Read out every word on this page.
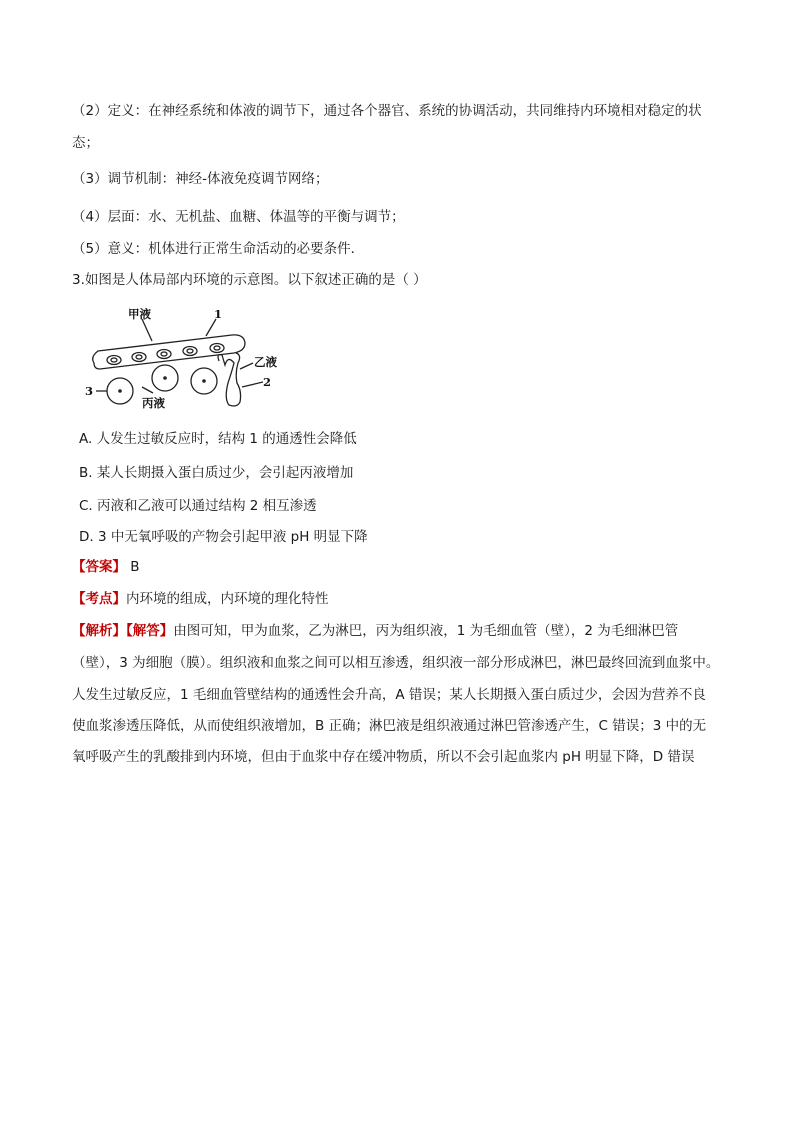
（2）定义：在神经系统和体液的调节下，通过各个器官、系统的协调活动，共同维持内环境相对稳定的状
态；
（3）调节机制：神经-体液免疫调节网络；
（4）层面：水、无机盐、血糖、体温等的平衡与调节；
（5）意义：机体进行正常生命活动的必要条件．
3.如图是人体局部内环境的示意图。以下叙述正确的是（ ）
甲液	1
乙液
2
3
丙液
A. 人发生过敏反应时，结构 1 的通透性会降低
B. 某人长期摄入蛋白质过少，会引起丙液增加
C. 丙液和乙液可以通过结构 2 相互渗透
D. 3 中无氧呼吸的产物会引起甲液 pH 明显下降
【答案】 B
【考点】内环境的组成，内环境的理化特性
【解析】【解答】由图可知，甲为血浆，乙为淋巴，丙为组织液，1 为毛细血管（壁），2 为毛细淋巴管
（壁），3 为细胞（膜）。组织液和血浆之间可以相互渗透，组织液一部分形成淋巴，淋巴最终回流到血浆中。
人发生过敏反应，1 毛细血管壁结构的通透性会升高，A 错误；某人长期摄入蛋白质过少，会因为营养不良
使血浆渗透压降低，从而使组织液增加，B 正确；淋巴液是组织液通过淋巴管渗透产生，C 错误；3 中的无
氧呼吸产生的乳酸排到内环境，但由于血浆中存在缓冲物质，所以不会引起血浆内 pH 明显下降，D 错误
